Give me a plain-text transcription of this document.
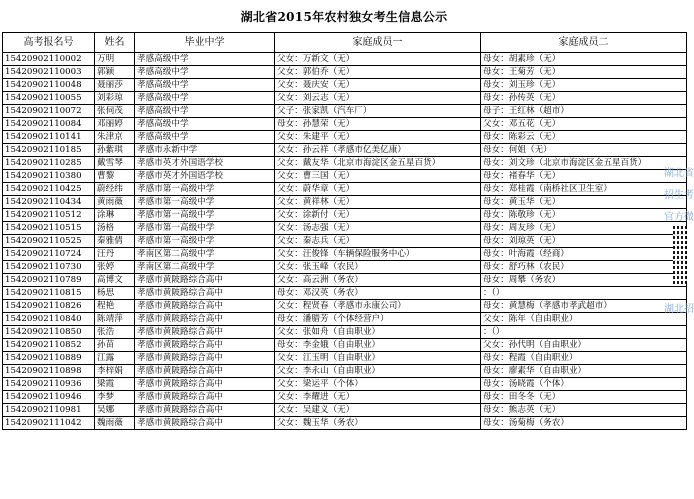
湖北省2015年农村独女考生信息公示
高考报名号	姓名	毕业中学	家庭成员一	家庭成员二
15420902110002	万明	孝感高级中学	父女：万新文（无）	母女：胡素珍（无）
15420902110003	郭颖	孝感高级中学	父女：郭伯乔（无）	母女：王菊芳（无）
15420902110048	聂丽莎	孝感高级中学	父女：聂庆安（无）	母女：刘玉珍（无）
15420902110055	刘彩琼	孝感高级中学	父女：刘云志（无）	母女：孙传英（无）
15420902110072	张伺茂	孝感高级中学	父子：张家凯（汽车厂）	母子：王红林（超市）
15420902110084	邓丽婷	孝感高级中学	母女：孙慧荣（无）	父女：邓五花（无）
15420902110141	朱津京	孝感高级中学	父女：朱建平（无）	母女：陈彩云（无）
15420902110185	孙紫琪	孝感市永新中学	父女：孙云祥（孝感市亿美亿康）	母女：何姐（无）
15420902110285	戴雪琴	孝感市英才外国语学校	父女：戴友华（北京市海淀区金五星百货）	母女：刘文珍（北京市海淀区金五星百货）
15420902110380	曹黎	孝感市英才外国语学校	父女：曹三国（无）	母女：褚春华（无）
15420902110425	蔚经纬	孝感市第一高级中学	父女：蔚华章（无）	母女：郑桂霞（南桥社区卫生室）
15420902110434	黄雨薇	孝感市第一高级中学	父女：黄祥林（无）	母女：黄玉华（无）
15420902110512	涂琳	孝感市第一高级中学	父女：涂新付（无）	母女：陈敬珍（无）
15420902110515	汤格	孝感市第一高级中学	父女：汤志强（无）	母女：周友珍（无）
15420902110525	秦雅倩	孝感市第一高级中学	父女：秦志兵（无）	母女：刘琼英（无）
15420902110724	汪丹	孝南区第二高级中学	父女：汪俊锋（车辆保险服务中心）	母女：叶海霞（经商）
15420902110730	张婷	孝南区第二高级中学	父女：张玉峰（农民）	母女：舒巧林（农民）
15420902110789	高博文	孝感市黄陂路综合高中	父女：高云洲（务农）	母女：周攀（务农）
15420902110815	杨思	孝感市黄陂路综合高中	母女：邓汉英（务农）	：（）
15420902110826	程艳	孝感市黄陂路综合高中	父女：程贤春（孝感市永康公司）	母女：黄慧梅（孝感市孝武超市）
15420902110840	陈靖萍	孝感市黄陂路综合高中	母女：潘腊芳（个体经营户）	父女：陈年（自由职业）
15420902110850	张浩	孝感市黄陂路综合高中	父女：张如舟（自由职业）	：（）
15420902110852	孙苗	孝感市黄陂路综合高中	母女：李金娥（自由职业）	父女：孙代明（自由职业）
15420902110889	江露	孝感市黄陂路综合高中	父女：江玉明（自由职业）	母女：程霞（自由职业）
15420902110898	李梓娟	孝感市黄陂路综合高中	父女：李永山（自由职业）	母女：廖素华（自由职业）
15420902110936	梁霞	孝感市黄陂路综合高中	父女：梁运平（个体）	母女：汤晓霞（个体）
15420902110946	李梦	孝感市黄陂路综合高中	父女：李耀进（无）	母女：田冬冬（无）
15420902110981	吴娜	孝感市黄陂路综合高中	父女：吴建义（无）	母女：熊志英（无）
15420902111042	魏雨薇	孝感市黄陂路综合高中	父女：魏玉华（务农）	母女：汤菊梅（务农）
湖北省
招生考
官方微
湖北招
